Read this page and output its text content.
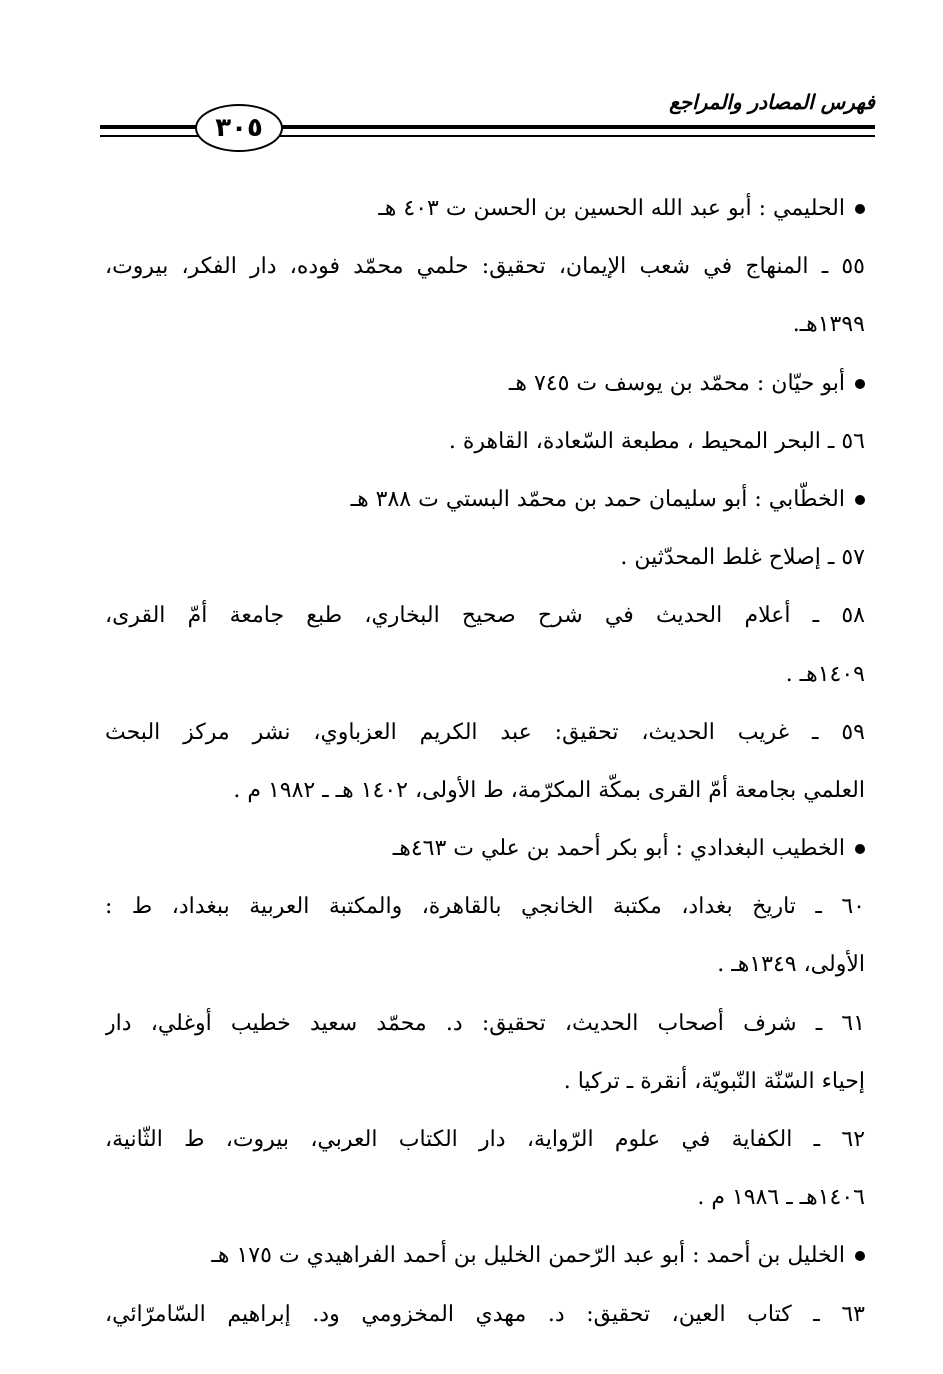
فهرس المصادر والمراجع
٣٠٥
الحليمي : أبو عبد الله الحسين بن الحسن ت ٤٠٣ هـ
٥٥ ـ المنهاج في شعب الإيمان، تحقيق: حلمي محمّد فوده، دار الفكر، بيروت،
١٣٩٩هـ.
أبو حيّان : محمّد بن يوسف ت ٧٤٥ هـ
٥٦ ـ البحر المحيط ، مطبعة السّعادة، القاهرة .
الخطّابي : أبو سليمان حمد بن محمّد البستي ت ٣٨٨ هـ
٥٧ ـ إصلاح غلط المحدّثين .
٥٨ ـ أعلام الحديث في شرح صحيح البخاري، طبع جامعة أمّ القرى،
١٤٠٩هـ .
٥٩ ـ غريب الحديث، تحقيق: عبد الكريم العزباوي، نشر مركز البحث
العلمي بجامعة أمّ القرى بمكّة المكرّمة، ط الأولى، ١٤٠٢ هـ ـ ١٩٨٢ م .
الخطيب البغدادي : أبو بكر أحمد بن علي ت ٤٦٣هـ
٦٠ ـ تاريخ بغداد، مكتبة الخانجي بالقاهرة، والمكتبة العربية ببغداد، ط :
الأولى، ١٣٤٩هـ .
٦١ ـ شرف أصحاب الحديث، تحقيق: د. محمّد سعيد خطيب أوغلي، دار
إحياء السّنّة النّبويّة، أنقرة ـ تركيا .
٦٢ ـ الكفاية في علوم الرّواية، دار الكتاب العربي، بيروت، ط الثّانية،
١٤٠٦هـ ـ ١٩٨٦ م .
الخليل بن أحمد : أبو عبد الرّحمن الخليل بن أحمد الفراهيدي ت ١٧٥ هـ
٦٣ ـ كتاب العين، تحقيق: د. مهدي المخزومي ود. إبراهيم السّامرّائي،
